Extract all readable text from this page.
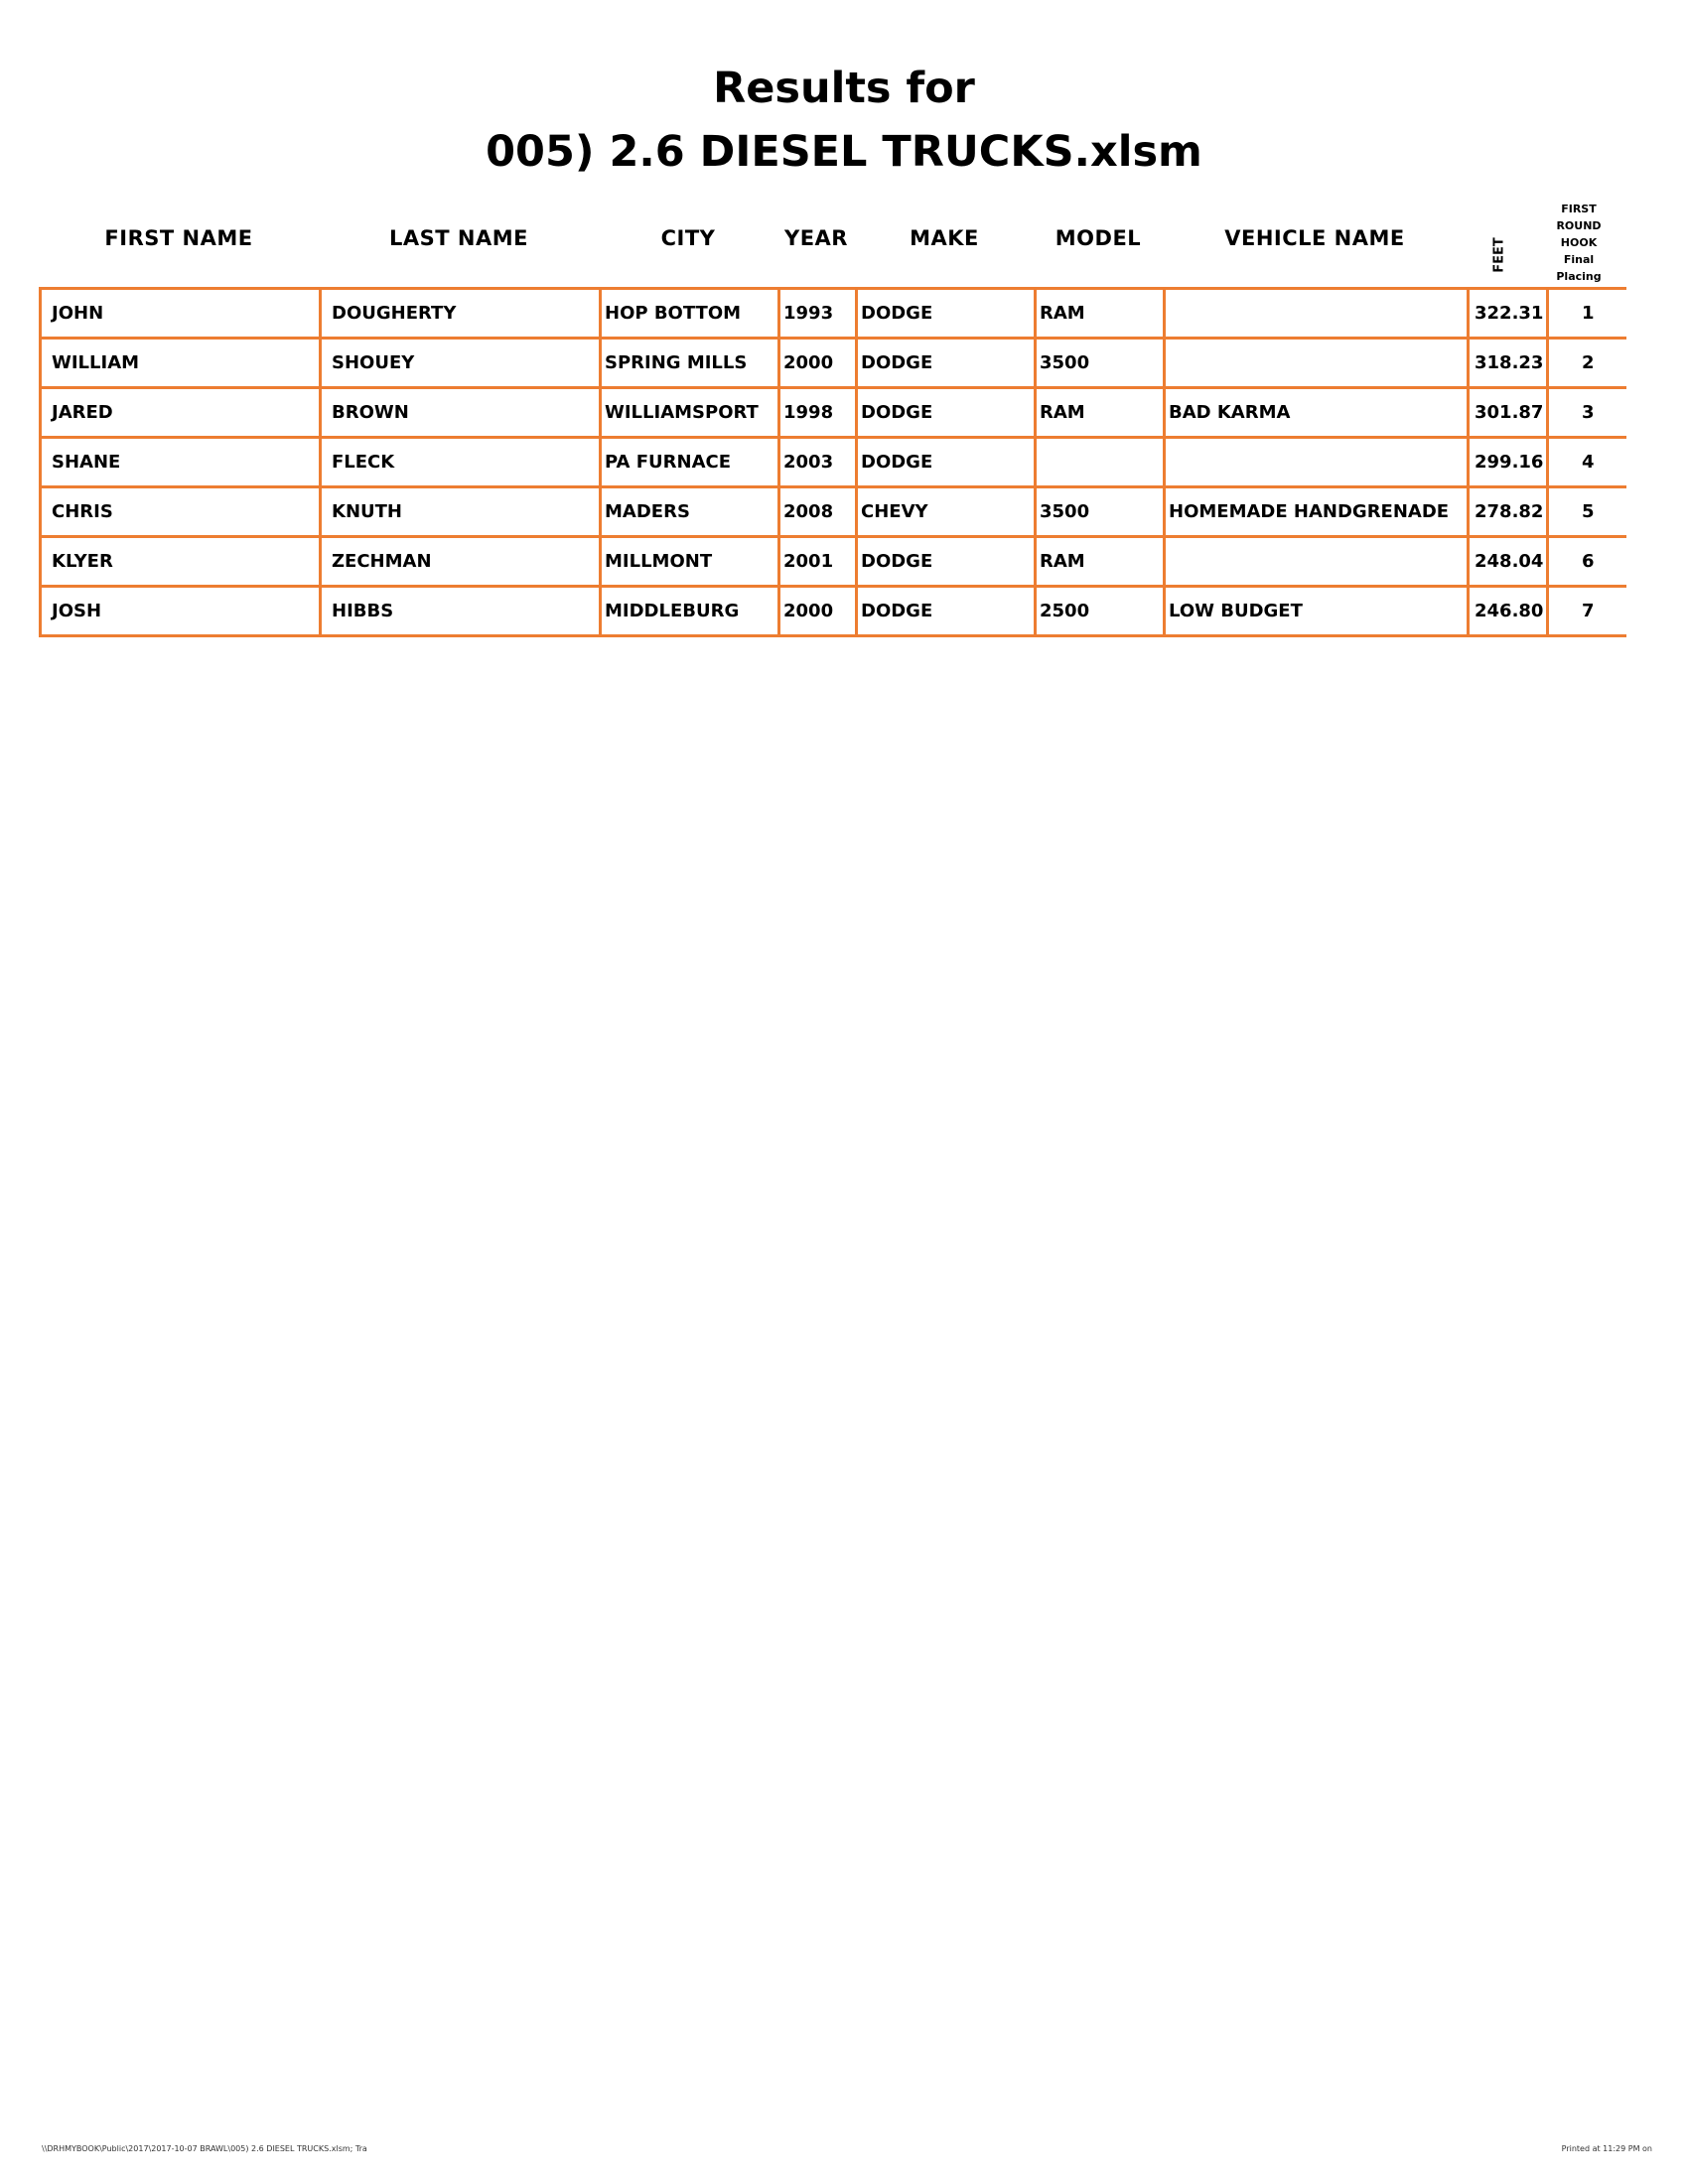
Results for
005) 2.6 DIESEL TRUCKS.xlsm
FIRST NAME	LAST NAME	CITY	YEAR	MAKE	MODEL	VEHICLE NAME	FEET
FIRST
ROUND
HOOK
Final
Placing
JOHN	DOUGHERTY	HOP BOTTOM	1993	DODGE	RAM		322.31	1
WILLIAM	SHOUEY	SPRING MILLS	2000	DODGE	3500		318.23	2
JARED	BROWN	WILLIAMSPORT	1998	DODGE	RAM	BAD KARMA	301.87	3
SHANE	FLECK	PA FURNACE	2003	DODGE			299.16	4
CHRIS	KNUTH	MADERS	2008	CHEVY	3500	HOMEMADE HANDGRENADE	278.82	5
KLYER	ZECHMAN	MILLMONT	2001	DODGE	RAM		248.04	6
JOSH	HIBBS	MIDDLEBURG	2000	DODGE	2500	LOW BUDGET	246.80	7
\\DRHMYBOOK\Public\2017\2017-10-07 BRAWL\005) 2.6 DIESEL TRUCKS.xlsm; Tra	Printed at 11:29 PM on
